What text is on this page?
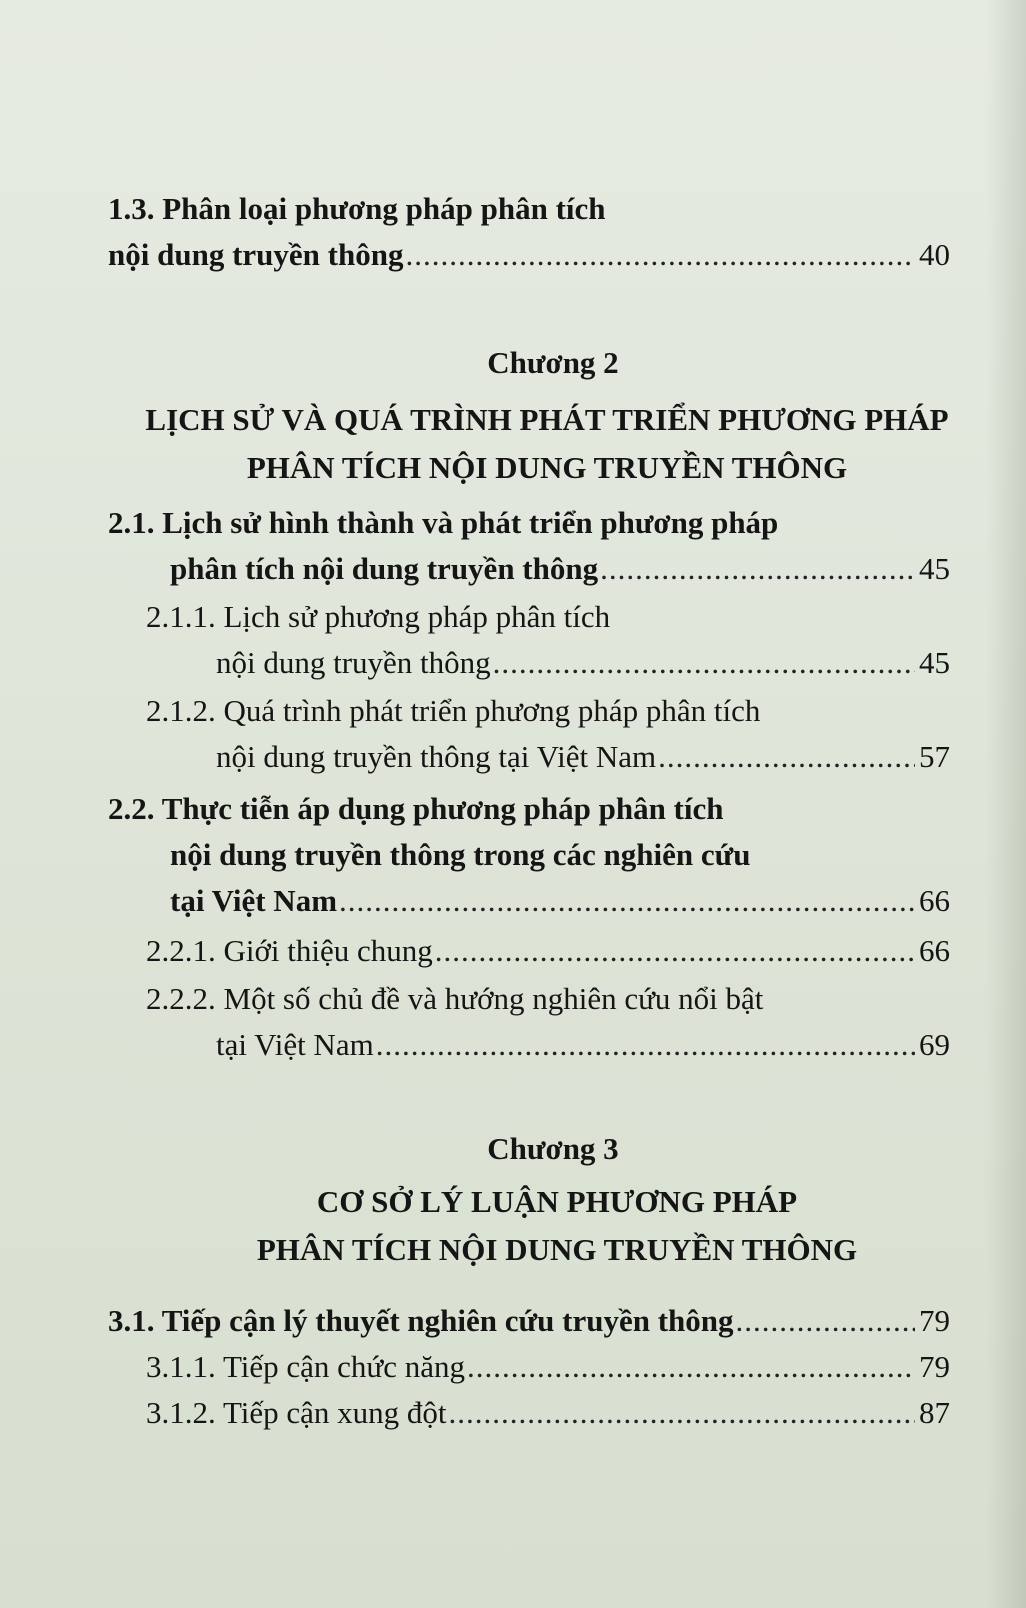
1.3. Phân loại phương pháp phân tích
nội dung truyền thông .....	40
Chương 2
LỊCH SỬ VÀ QUÁ TRÌNH PHÁT TRIỂN PHƯƠNG PHÁP
PHÂN TÍCH NỘI DUNG TRUYỀN THÔNG
2.1. Lịch sử hình thành và phát triển phương pháp
phân tích nội dung truyền thông .....	45
2.1.1. Lịch sử phương pháp phân tích
nội dung truyền thông .....	45
2.1.2. Quá trình phát triển phương pháp phân tích
nội dung truyền thông tại Việt Nam .....	57
2.2. Thực tiễn áp dụng phương pháp phân tích
nội dung truyền thông trong các nghiên cứu
tại Việt Nam .....	66
2.2.1. Giới thiệu chung .....	66
2.2.2. Một số chủ đề và hướng nghiên cứu nổi bật
tại Việt Nam .....	69
Chương 3
CƠ SỞ LÝ LUẬN PHƯƠNG PHÁP
PHÂN TÍCH NỘI DUNG TRUYỀN THÔNG
3.1. Tiếp cận lý thuyết nghiên cứu truyền thông .....	79
3.1.1. Tiếp cận chức năng .....	79
3.1.2. Tiếp cận xung đột .....	87
